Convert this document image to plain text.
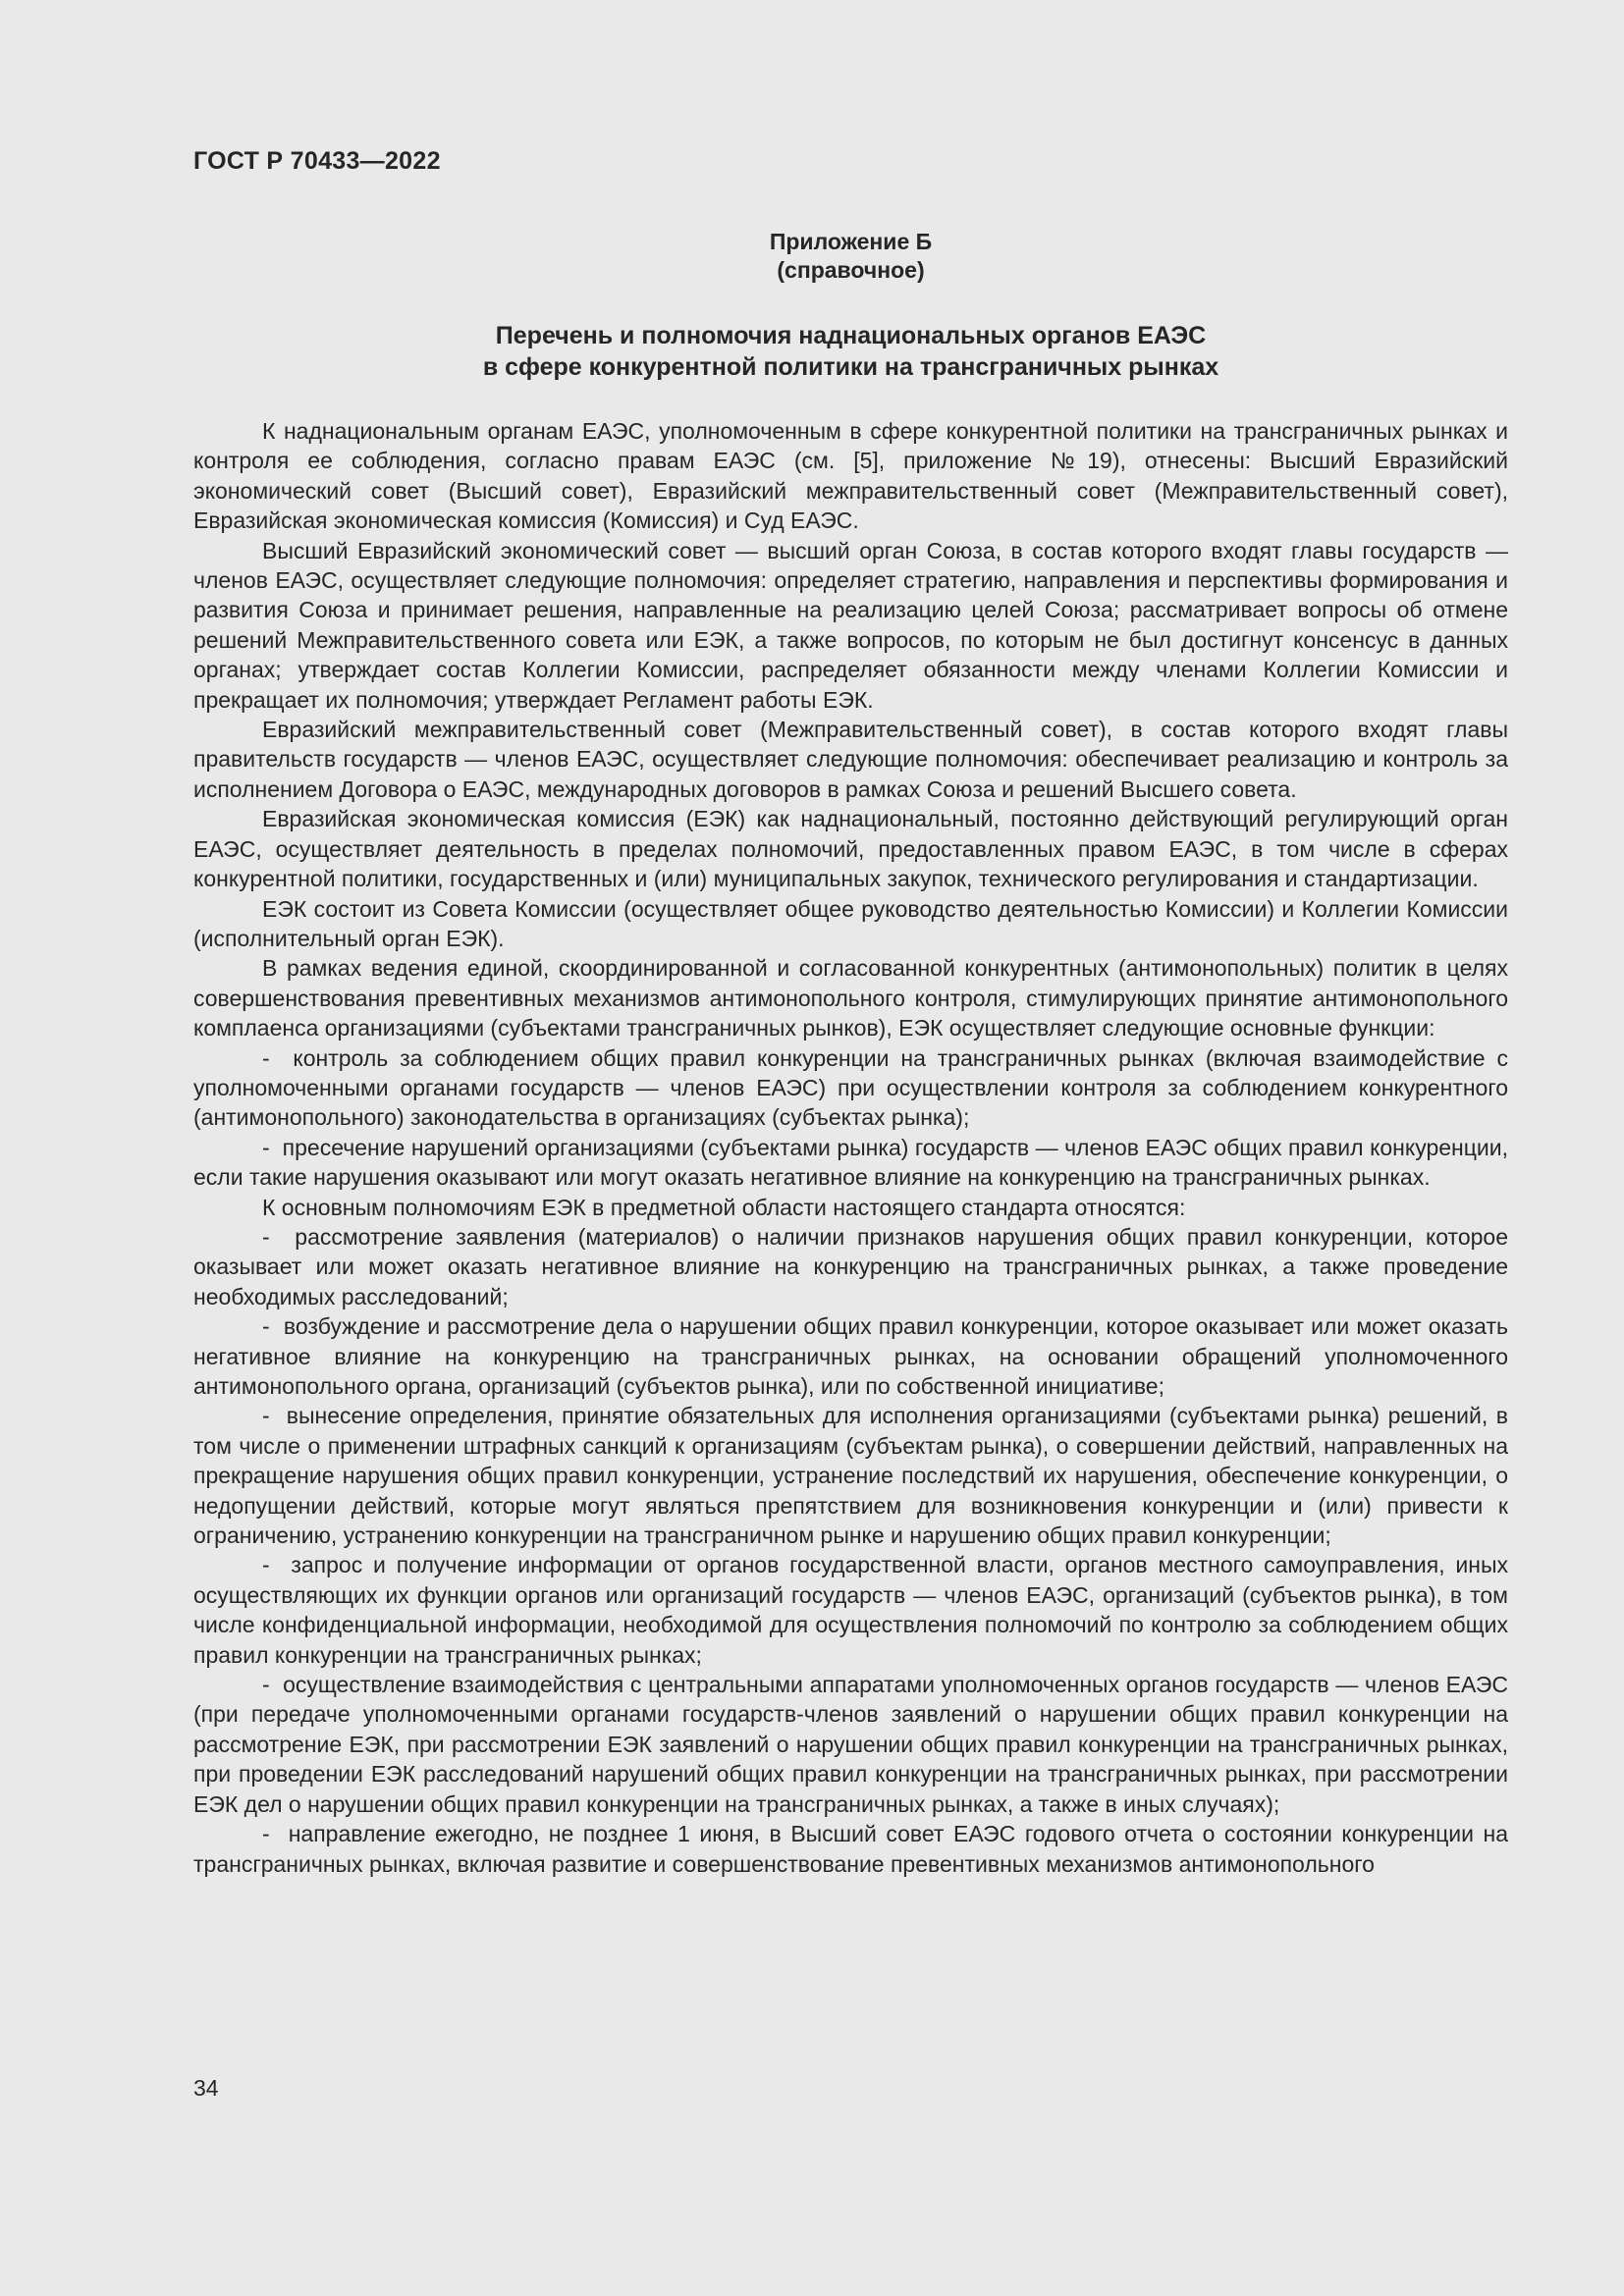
ГОСТ Р 70433—2022
Приложение Б
(справочное)
Перечень и полномочия наднациональных органов ЕАЭС
в сфере конкурентной политики на трансграничных рынках

К наднациональным органам ЕАЭС, уполномоченным в сфере конкурентной политики на трансграничных рынках и контроля ее соблюдения, согласно правам ЕАЭС (см. [5], приложение №19), отнесены: Высший Евразийский экономический совет (Высший совет), Евразийский межправительственный совет (Межправительственный совет), Евразийская экономическая комиссия (Комиссия) и Суд ЕАЭС.

Высший Евразийский экономический совет — высший орган Союза, в состав которого входят главы государств — членов ЕАЭС, осуществляет следующие полномочия: определяет стратегию, направления и перспективы формирования и развития Союза и принимает решения, направленные на реализацию целей Союза; рассматривает вопросы об отмене решений Межправительственного совета или ЕЭК, а также вопросов, по которым не был достигнут консенсус в данных органах; утверждает состав Коллегии Комиссии, распределяет обязанности между членами Коллегии Комиссии и прекращает их полномочия; утверждает Регламент работы ЕЭК.

Евразийский межправительственный совет (Межправительственный совет), в состав которого входят главы правительств государств — членов ЕАЭС, осуществляет следующие полномочия: обеспечивает реализацию и контроль за исполнением Договора о ЕАЭС, международных договоров в рамках Союза и решений Высшего совета.

Евразийская экономическая комиссия (ЕЭК) как наднациональный, постоянно действующий регулирующий орган ЕАЭС, осуществляет деятельность в пределах полномочий, предоставленных правом ЕАЭС, в том числе в сферах конкурентной политики, государственных и (или) муниципальных закупок, технического регулирования и стандартизации.

ЕЭК состоит из Совета Комиссии (осуществляет общее руководство деятельностью Комиссии) и Коллегии Комиссии (исполнительный орган ЕЭК).

В рамках ведения единой, скоординированной и согласованной конкурентных (антимонопольных) политик в целях совершенствования превентивных механизмов антимонопольного контроля, стимулирующих принятие антимонопольного комплаенса организациями (субъектами трансграничных рынков), ЕЭК осуществляет следующие основные функции:

-  контроль за соблюдением общих правил конкуренции на трансграничных рынках (включая взаимодействие с уполномоченными органами государств — членов ЕАЭС) при осуществлении контроля за соблюдением конкурентного (антимонопольного) законодательства в организациях (субъектах рынка);

-  пресечение нарушений организациями (субъектами рынка) государств — членов ЕАЭС общих правил конкуренции, если такие нарушения оказывают или могут оказать негативное влияние на конкуренцию на трансграничных рынках.

К основным полномочиям ЕЭК в предметной области настоящего стандарта относятся:

-  рассмотрение заявления (материалов) о наличии признаков нарушения общих правил конкуренции, которое оказывает или может оказать негативное влияние на конкуренцию на трансграничных рынках, а также проведение необходимых расследований;

-  возбуждение и рассмотрение дела о нарушении общих правил конкуренции, которое оказывает или может оказать негативное влияние на конкуренцию на трансграничных рынках, на основании обращений уполномоченного антимонопольного органа, организаций (субъектов рынка), или по собственной инициативе;

-  вынесение определения, принятие обязательных для исполнения организациями (субъектами рынка) решений, в том числе о применении штрафных санкций к организациям (субъектам рынка), о совершении действий, направленных на прекращение нарушения общих правил конкуренции, устранение последствий их нарушения, обеспечение конкуренции, о недопущении действий, которые могут являться препятствием для возникновения конкуренции и (или) привести к ограничению, устранению конкуренции на трансграничном рынке и нарушению общих правил конкуренции;

-  запрос и получение информации от органов государственной власти, органов местного самоуправления, иных осуществляющих их функции органов или организаций государств — членов ЕАЭС, организаций (субъектов рынка), в том числе конфиденциальной информации, необходимой для осуществления полномочий по контролю за соблюдением общих правил конкуренции на трансграничных рынках;

-  осуществление взаимодействия с центральными аппаратами уполномоченных органов государств — членов ЕАЭС (при передаче уполномоченными органами государств-членов заявлений о нарушении общих правил конкуренции на рассмотрение ЕЭК, при рассмотрении ЕЭК заявлений о нарушении общих правил конкуренции на трансграничных рынках, при проведении ЕЭК расследований нарушений общих правил конкуренции на трансграничных рынках, при рассмотрении ЕЭК дел о нарушении общих правил конкуренции на трансграничных рынках, а также в иных случаях);

-  направление ежегодно, не позднее 1 июня, в Высший совет ЕАЭС годового отчета о состоянии конкуренции на трансграничных рынках, включая развитие и совершенствование превентивных механизмов антимонопольного

34
